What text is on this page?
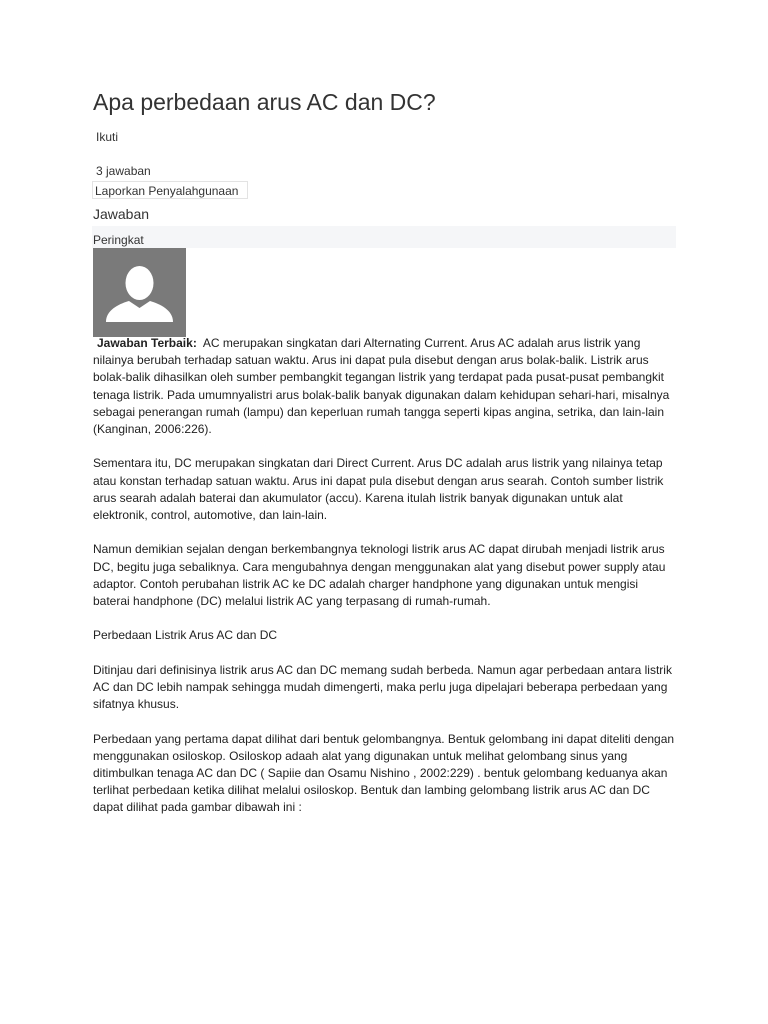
Apa perbedaan arus AC dan DC?
Ikuti
3 jawaban
Laporkan Penyalahgunaan
Jawaban
Peringkat

Jawaban Terbaik: AC merupakan singkatan dari Alternating Current. Arus AC adalah arus listrik yang nilainya berubah terhadap satuan waktu. Arus ini dapat pula disebut dengan arus bolak-balik. Listrik arus bolak-balik dihasilkan oleh sumber pembangkit tegangan listrik yang terdapat pada pusat-pusat pembangkit tenaga listrik. Pada umumnyalistri arus bolak-balik banyak digunakan dalam kehidupan sehari-hari, misalnya sebagai penerangan rumah (lampu) dan keperluan rumah tangga seperti kipas angina, setrika, dan lain-lain (Kanginan, 2006:226).

Sementara itu, DC merupakan singkatan dari Direct Current. Arus DC adalah arus listrik yang nilainya tetap atau konstan terhadap satuan waktu. Arus ini dapat pula disebut dengan arus searah. Contoh sumber listrik arus searah adalah baterai dan akumulator (accu). Karena itulah listrik banyak digunakan untuk alat elektronik, control, automotive, dan lain-lain.

Namun demikian sejalan dengan berkembangnya teknologi listrik arus AC dapat dirubah menjadi listrik arus DC, begitu juga sebaliknya. Cara mengubahnya dengan menggunakan alat yang disebut power supply atau adaptor. Contoh perubahan listrik AC ke DC adalah charger handphone yang digunakan untuk mengisi baterai handphone (DC) melalui listrik AC yang terpasang di rumah-rumah.

Perbedaan Listrik Arus AC dan DC

Ditinjau dari definisinya listrik arus AC dan DC memang sudah berbeda. Namun agar perbedaan antara listrik AC dan DC lebih nampak sehingga mudah dimengerti, maka perlu juga dipelajari beberapa perbedaan yang sifatnya khusus.

Perbedaan yang pertama dapat dilihat dari bentuk gelombangnya. Bentuk gelombang ini dapat diteliti dengan menggunakan osiloskop. Osiloskop adaah alat yang digunakan untuk melihat gelombang sinus yang ditimbulkan tenaga AC dan DC ( Sapiie dan Osamu Nishino , 2002:229) . bentuk gelombang keduanya akan terlihat perbedaan ketika dilihat melalui osiloskop. Bentuk dan lambing gelombang listrik arus AC dan DC dapat dilihat pada gambar dibawah ini :
